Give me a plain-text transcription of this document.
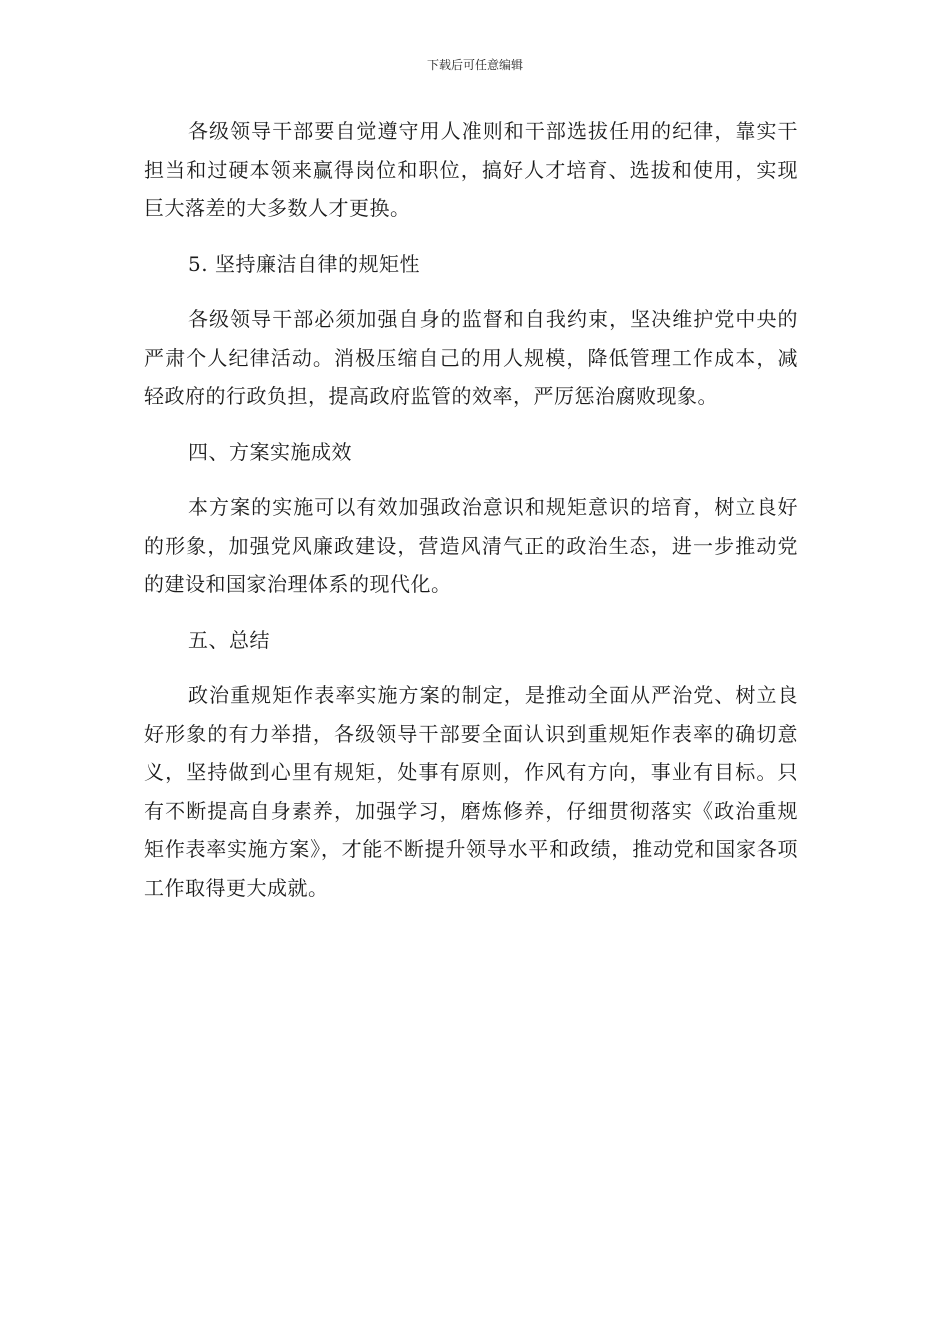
下载后可任意编辑

各级领导干部要自觉遵守用人准则和干部选拔任用的纪律，靠实干担当和过硬本领来赢得岗位和职位，搞好人才培育、选拔和使用，实现巨大落差的大多数人才更换。

5. 坚持廉洁自律的规矩性

各级领导干部必须加强自身的监督和自我约束，坚决维护党中央的严肃个人纪律活动。消极压缩自己的用人规模，降低管理工作成本，减轻政府的行政负担，提高政府监管的效率，严厉惩治腐败现象。

四、方案实施成效

本方案的实施可以有效加强政治意识和规矩意识的培育，树立良好的形象，加强党风廉政建设，营造风清气正的政治生态，进一步推动党的建设和国家治理体系的现代化。

五、总结

政治重规矩作表率实施方案的制定，是推动全面从严治党、树立良好形象的有力举措，各级领导干部要全面认识到重规矩作表率的确切意义，坚持做到心里有规矩，处事有原则，作风有方向，事业有目标。只有不断提高自身素养，加强学习，磨炼修养，仔细贯彻落实《政治重规矩作表率实施方案》，才能不断提升领导水平和政绩，推动党和国家各项工作取得更大成就。
